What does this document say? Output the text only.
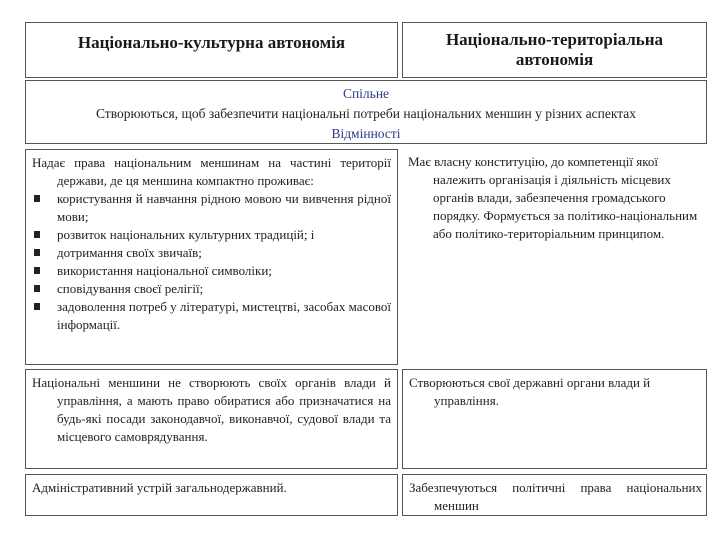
Національно-культурна автономія	Національно-територіальна
автономія
Спільне
Створюються, щоб забезпечити національні потреби національних меншин у різних аспектах
Відмінності

Надає права національним меншинам на частині території держави, де ця меншина компактно проживає:

користування й навчання рідною мовою чи вивчення рідної мови;
розвиток національних культурних традицій; і
дотримання своїх звичаїв;
використання національної символіки;
сповідування своєї релігії;
задоволення потреб у літературі, мистецтві, засобах масової інформації.

Має власну конституцію, до компетенції якої належить організація і діяльність місцевих органів влади, забезпечення громадського порядку. Формується за політико-національним або політико-територіальним принципом.

Національні меншини не створюють своїх органів влади й управління, а мають право обиратися або призначатися на будь-які посади законодавчої, виконавчої, судової влади та місцевого самоврядування.

Створюються свої державні органи влади й управління.

Адміністративний устрій загальнодержавний.	Забезпечуються політичні права національних меншин
